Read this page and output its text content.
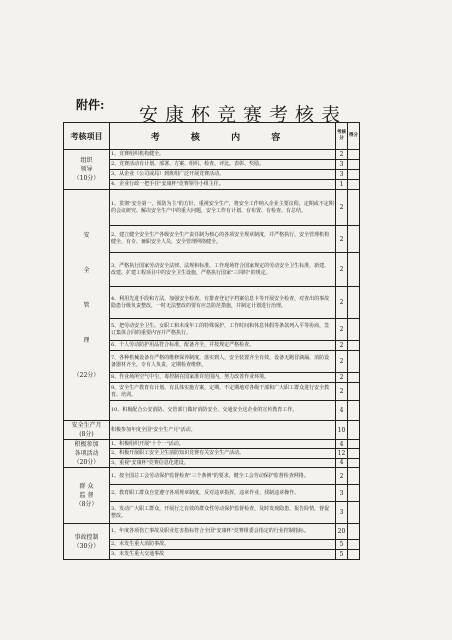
附件:	安康杯竞赛考核表
考核项目	考 核 内 容	考核分	得分

组织
领导
（10分）	1、竞赛组织机构健全。	2	
	2、竞赛活动有计划、部署、方案、组织、检查、评比、表彰、奖励。	3	
	3、从企业（公司或局）到班组广泛开展竞赛活动。	3	
	4、企业行政一把手任"安康杯"竞赛领导小组主任。	1	

安
全
管
理
（22分）	1、贯彻"安全第一，预防为主"的方针，重视安全生产，将安全工作纳入企业主要议程，定期或不定期的会议研究、解决安全生产中的重大问题，安全工作有计划、有布置、有检查、有总结。	2	
	2、建立健全安全生产各级安全生产责任制为核心的各项安全规章制度，并严格执行，安全管理机构健全，有专、兼职安全人员，安全管理网络健全。	2	
	3、严格执行国家劳动安全法律、法规和标准，工作现场符合国家规定的劳动安全卫生标准，新建、改建、扩建工程项目中的安全卫生设施，严格执行国家"三同时"的规定。	2	
	4、利用先进手段和方法，加强安全检查，有排查登记字档案信息卡等开展安全检查，对查出的事故隐患分级负责整改，一时无法整改的要有应急防范措施，并制定计划进行治理。	2	
	5、把劳动安全卫生、女职工和未成年工的特殊保护，工作时间和休息休假等条款列入平等协商，签订集体合同的重要内容并严格执行。	2	
	6、个人劳动防护用品符合标准，配备齐全，并按规定严格检查。	2	
	7、各种机械设备有严格的维修保养制度，落实到人，安全装置齐全有效，设备无跑冒滴漏，消防设备器材齐全，专有人负责，定期检查维修。	2	
	8、作业场所空气中尘、毒控制在国家准许范围内，努力改善作业环境。	2	
	9、安全生产教育有计划、有具体实施方案，定期、不定期地对各级干部和广大职工群众进行安全教育、培训。	2	
	10、积极配合公安消防、交管部门做好消防安全、交通安全这企业的宣传教育工作。	4	

安全生产月
(8分)	积极参加年度全国"安全生产月"活动。	10	

积极参加
各项活动
（20分）	1、积极组织开展"十个一"活动。	4	
	2、积极开展职工安全卫生消防知识竞赛有关安全生产活动。	12	
	3、重视"安康杯"竞赛信息化建设。	4	

群 众
监 督
（8分）	1、按全国总工会劳动保护监督检查"三个条例"的要求，健全工会劳动保护监督检查网络。	2	
	2、教育职工群众自觉遵守各项规章制度，反对违章指挥，违章作业，找制违章操作。	3	
	3、发动广大职工群众，开展行之有效的群众性劳动保护监督检查，及时发现隐患，报告险情，督促整改。	3	

事故控制
（30分）	1、年度各项伤亡事故及职业危害指标符合全国"安康杯"竞赛组委会指定的行业控制指标。	20	
	2、未发生重大消防事故。	5	
	3、未发生重大交通事故	5	
